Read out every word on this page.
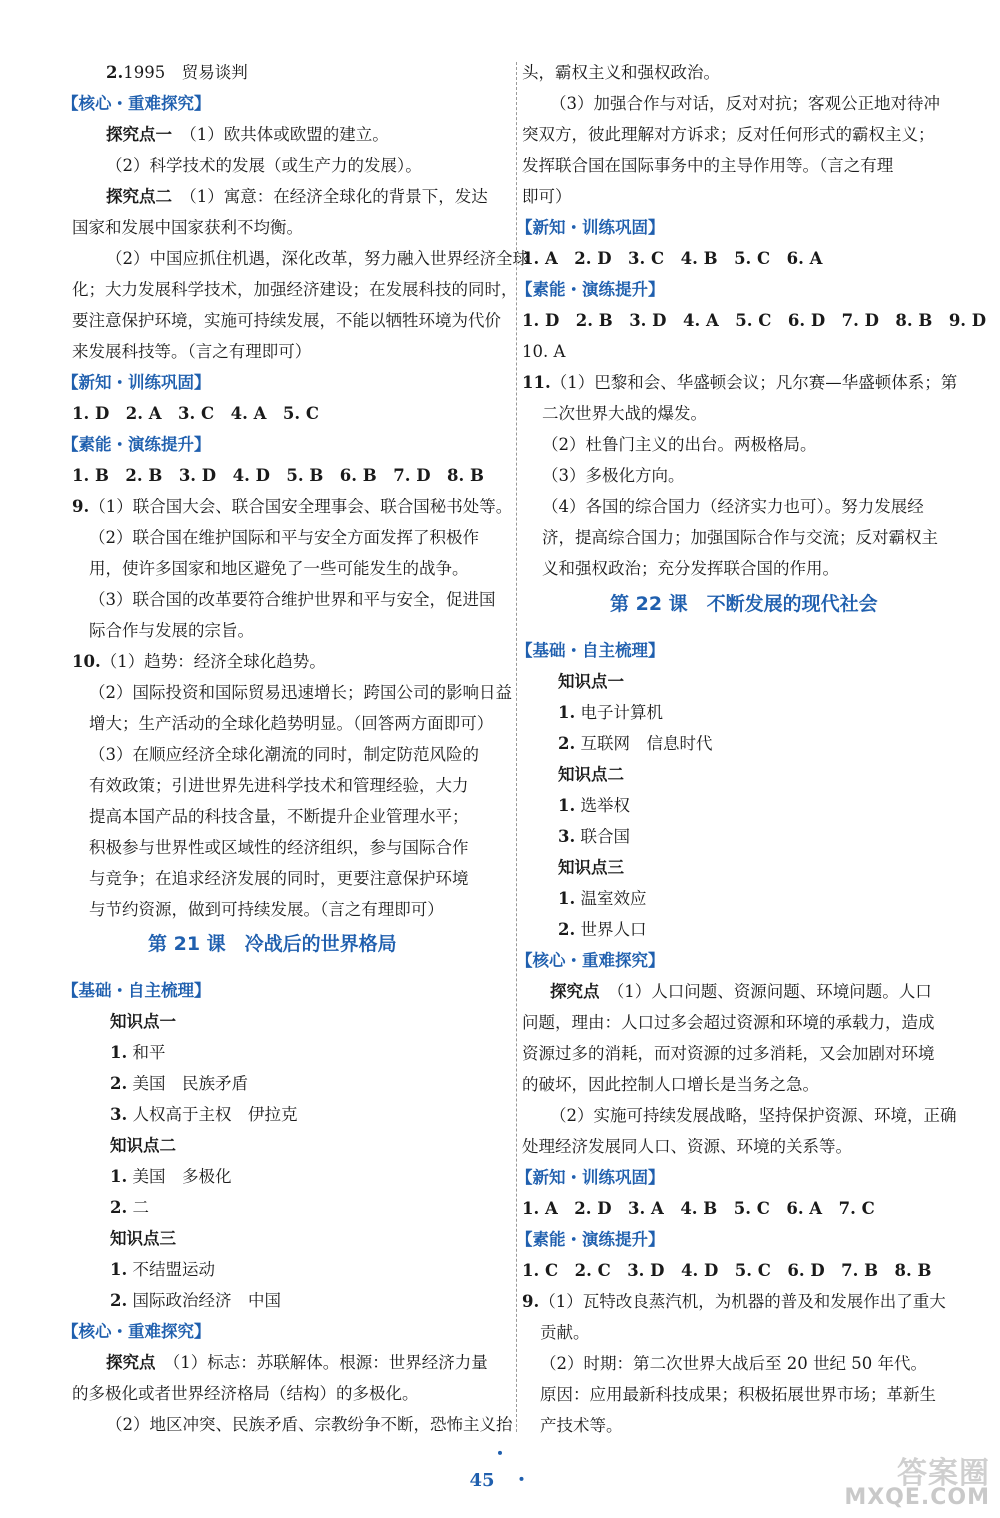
2.1995　贸易谈判
【核心・重难探究】
探究点一　 （1）欧共体或欧盟的建立。
（2）科学技术的发展（或生产力的发展）。
探究点二　 （1）寓意：在经济全球化的背景下，发达
国家和发展中国家获利不均衡。
（2）中国应抓住机遇，深化改革，努力融入世界经济全球
化；大力发展科学技术，加强经济建设；在发展科技的同时，
要注意保护环境，实施可持续发展，不能以牺牲环境为代价
来发展科技等。（言之有理即可）
【新知・训练巩固】
1. D　2. A　3. C　4. A　5. C
【素能・演练提升】
1. B　2. B　3. D　4. D　5. B　6. B　7. D　8. B
9.（1）联合国大会、联合国安全理事会、联合国秘书处等。
（2）联合国在维护国际和平与安全方面发挥了积极作
用，使许多国家和地区避免了一些可能发生的战争。
（3）联合国的改革要符合维护世界和平与安全，促进国
际合作与发展的宗旨。
10.（1）趋势：经济全球化趋势。
（2）国际投资和国际贸易迅速增长；跨国公司的影响日益
增大；生产活动的全球化趋势明显。（回答两方面即可）
（3）在顺应经济全球化潮流的同时，制定防范风险的
有效政策；引进世界先进科学技术和管理经验，大力
提高本国产品的科技含量，不断提升企业管理水平；
积极参与世界性或区域性的经济组织，参与国际合作
与竞争；在追求经济发展的同时，更要注意保护环境
与节约资源，做到可持续发展。（言之有理即可）
第 21 课　冷战后的世界格局
【基础・自主梳理】
知识点一
1. 和平
2. 美国　民族矛盾
3. 人权高于主权　伊拉克
知识点二
1. 美国　多极化
2. 二
知识点三
1. 不结盟运动
2. 国际政治经济　中国
【核心・重难探究】
探究点　 （1）标志：苏联解体。根源：世界经济力量
的多极化或者世界经济格局（结构）的多极化。
（2）地区冲突、民族矛盾、宗教纷争不断，恐怖主义抬
头，霸权主义和强权政治。
（3）加强合作与对话，反对对抗；客观公正地对待冲
突双方，彼此理解对方诉求；反对任何形式的霸权主义；
发挥联合国在国际事务中的主导作用等。（言之有理
即可）
【新知・训练巩固】
1. A　2. D　3. C　4. B　5. C　6. A
【素能・演练提升】
1. D　2. B　3. D　4. A　5. C　6. D　7. D　8. B　9. D
10. A
11.（1）巴黎和会、华盛顿会议；凡尔赛—华盛顿体系；第
二次世界大战的爆发。
（2）杜鲁门主义的出台。两极格局。
（3）多极化方向。
（4）各国的综合国力（经济实力也可）。努力发展经
济，提高综合国力；加强国际合作与交流；反对霸权主
义和强权政治；充分发挥联合国的作用。
第 22 课　不断发展的现代社会
【基础・自主梳理】
知识点一
1. 电子计算机
2. 互联网　信息时代
知识点二
1. 选举权
3. 联合国
知识点三
1. 温室效应
2. 世界人口
【核心・重难探究】
探究点　 （1）人口问题、资源问题、环境问题。人口
问题，理由：人口过多会超过资源和环境的承载力，造成
资源过多的消耗，而对资源的过多消耗，又会加剧对环境
的破坏，因此控制人口增长是当务之急。
（2）实施可持续发展战略，坚持保护资源、环境，正确
处理经济发展同人口、资源、环境的关系等。
【新知・训练巩固】
1. A　2. D　3. A　4. B　5. C　6. A　7. C
【素能・演练提升】
1. C　2. C　3. D　4. D　5. C　6. D　7. B　8. B
9.（1）瓦特改良蒸汽机，为机器的普及和发展作出了重大
贡献。
（2）时期：第二次世界大战后至 20 世纪 50 年代。
原因：应用最新科技成果；积极拓展世界市场；革新生
产技术等。
・　45　・	答案圈
MXQE.COM
